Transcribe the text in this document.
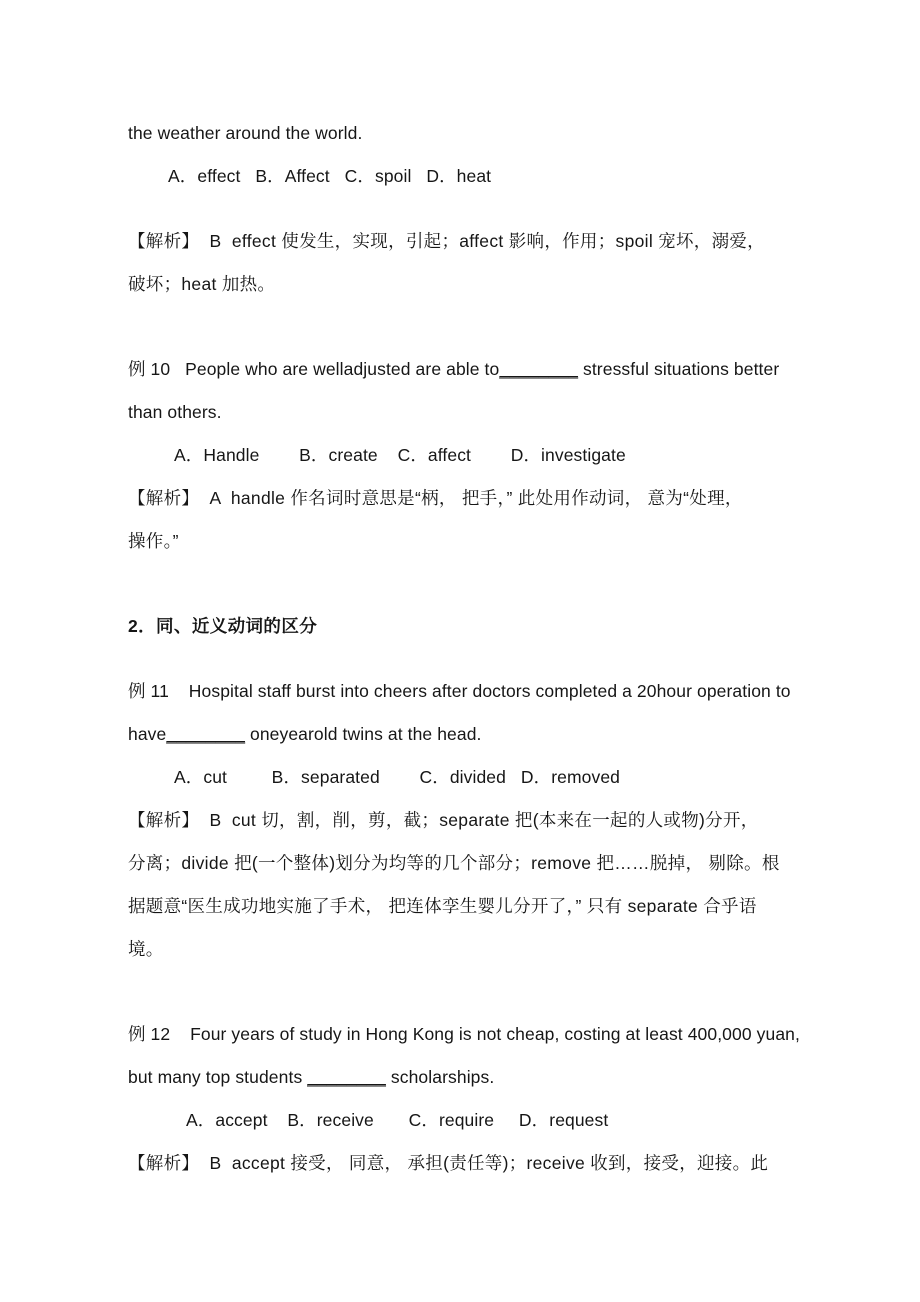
the weather around the world.
A．effect   B．Affect   C．spoil   D．heat
【解析】  B  effect 使发生，实现，引起；affect 影响，作用；spoil 宠坏，溺爱，
破坏；heat 加热。
例 10   People who are welladjusted are able to________ stressful situations better
than others.
A．Handle        B．create    C．affect        D．investigate
【解析】  A  handle 作名词时意思是“柄， 把手，” 此处用作动词， 意为“处理，
操作。”
2．同、近义动词的区分
例 11    Hospital staff burst into cheers after doctors completed a 20hour operation to
have________ oneyearold twins at the head.
A．cut         B．separated        C．divided   D．removed
【解析】  B  cut 切，割，削，剪，截；separate 把(本来在一起的人或物)分开，
分离；divide 把(一个整体)划分为均等的几个部分；remove 把……脱掉， 剔除。根
据题意“医生成功地实施了手术， 把连体孪生婴儿分开了，” 只有 separate 合乎语
境。
例 12    Four years of study in Hong Kong is not cheap, costing at least 400,000 yuan,
but many top students ________ scholarships.
A．accept    B．receive       C．require     D．request
【解析】  B  accept 接受， 同意， 承担(责任等)；receive 收到，接受，迎接。此
